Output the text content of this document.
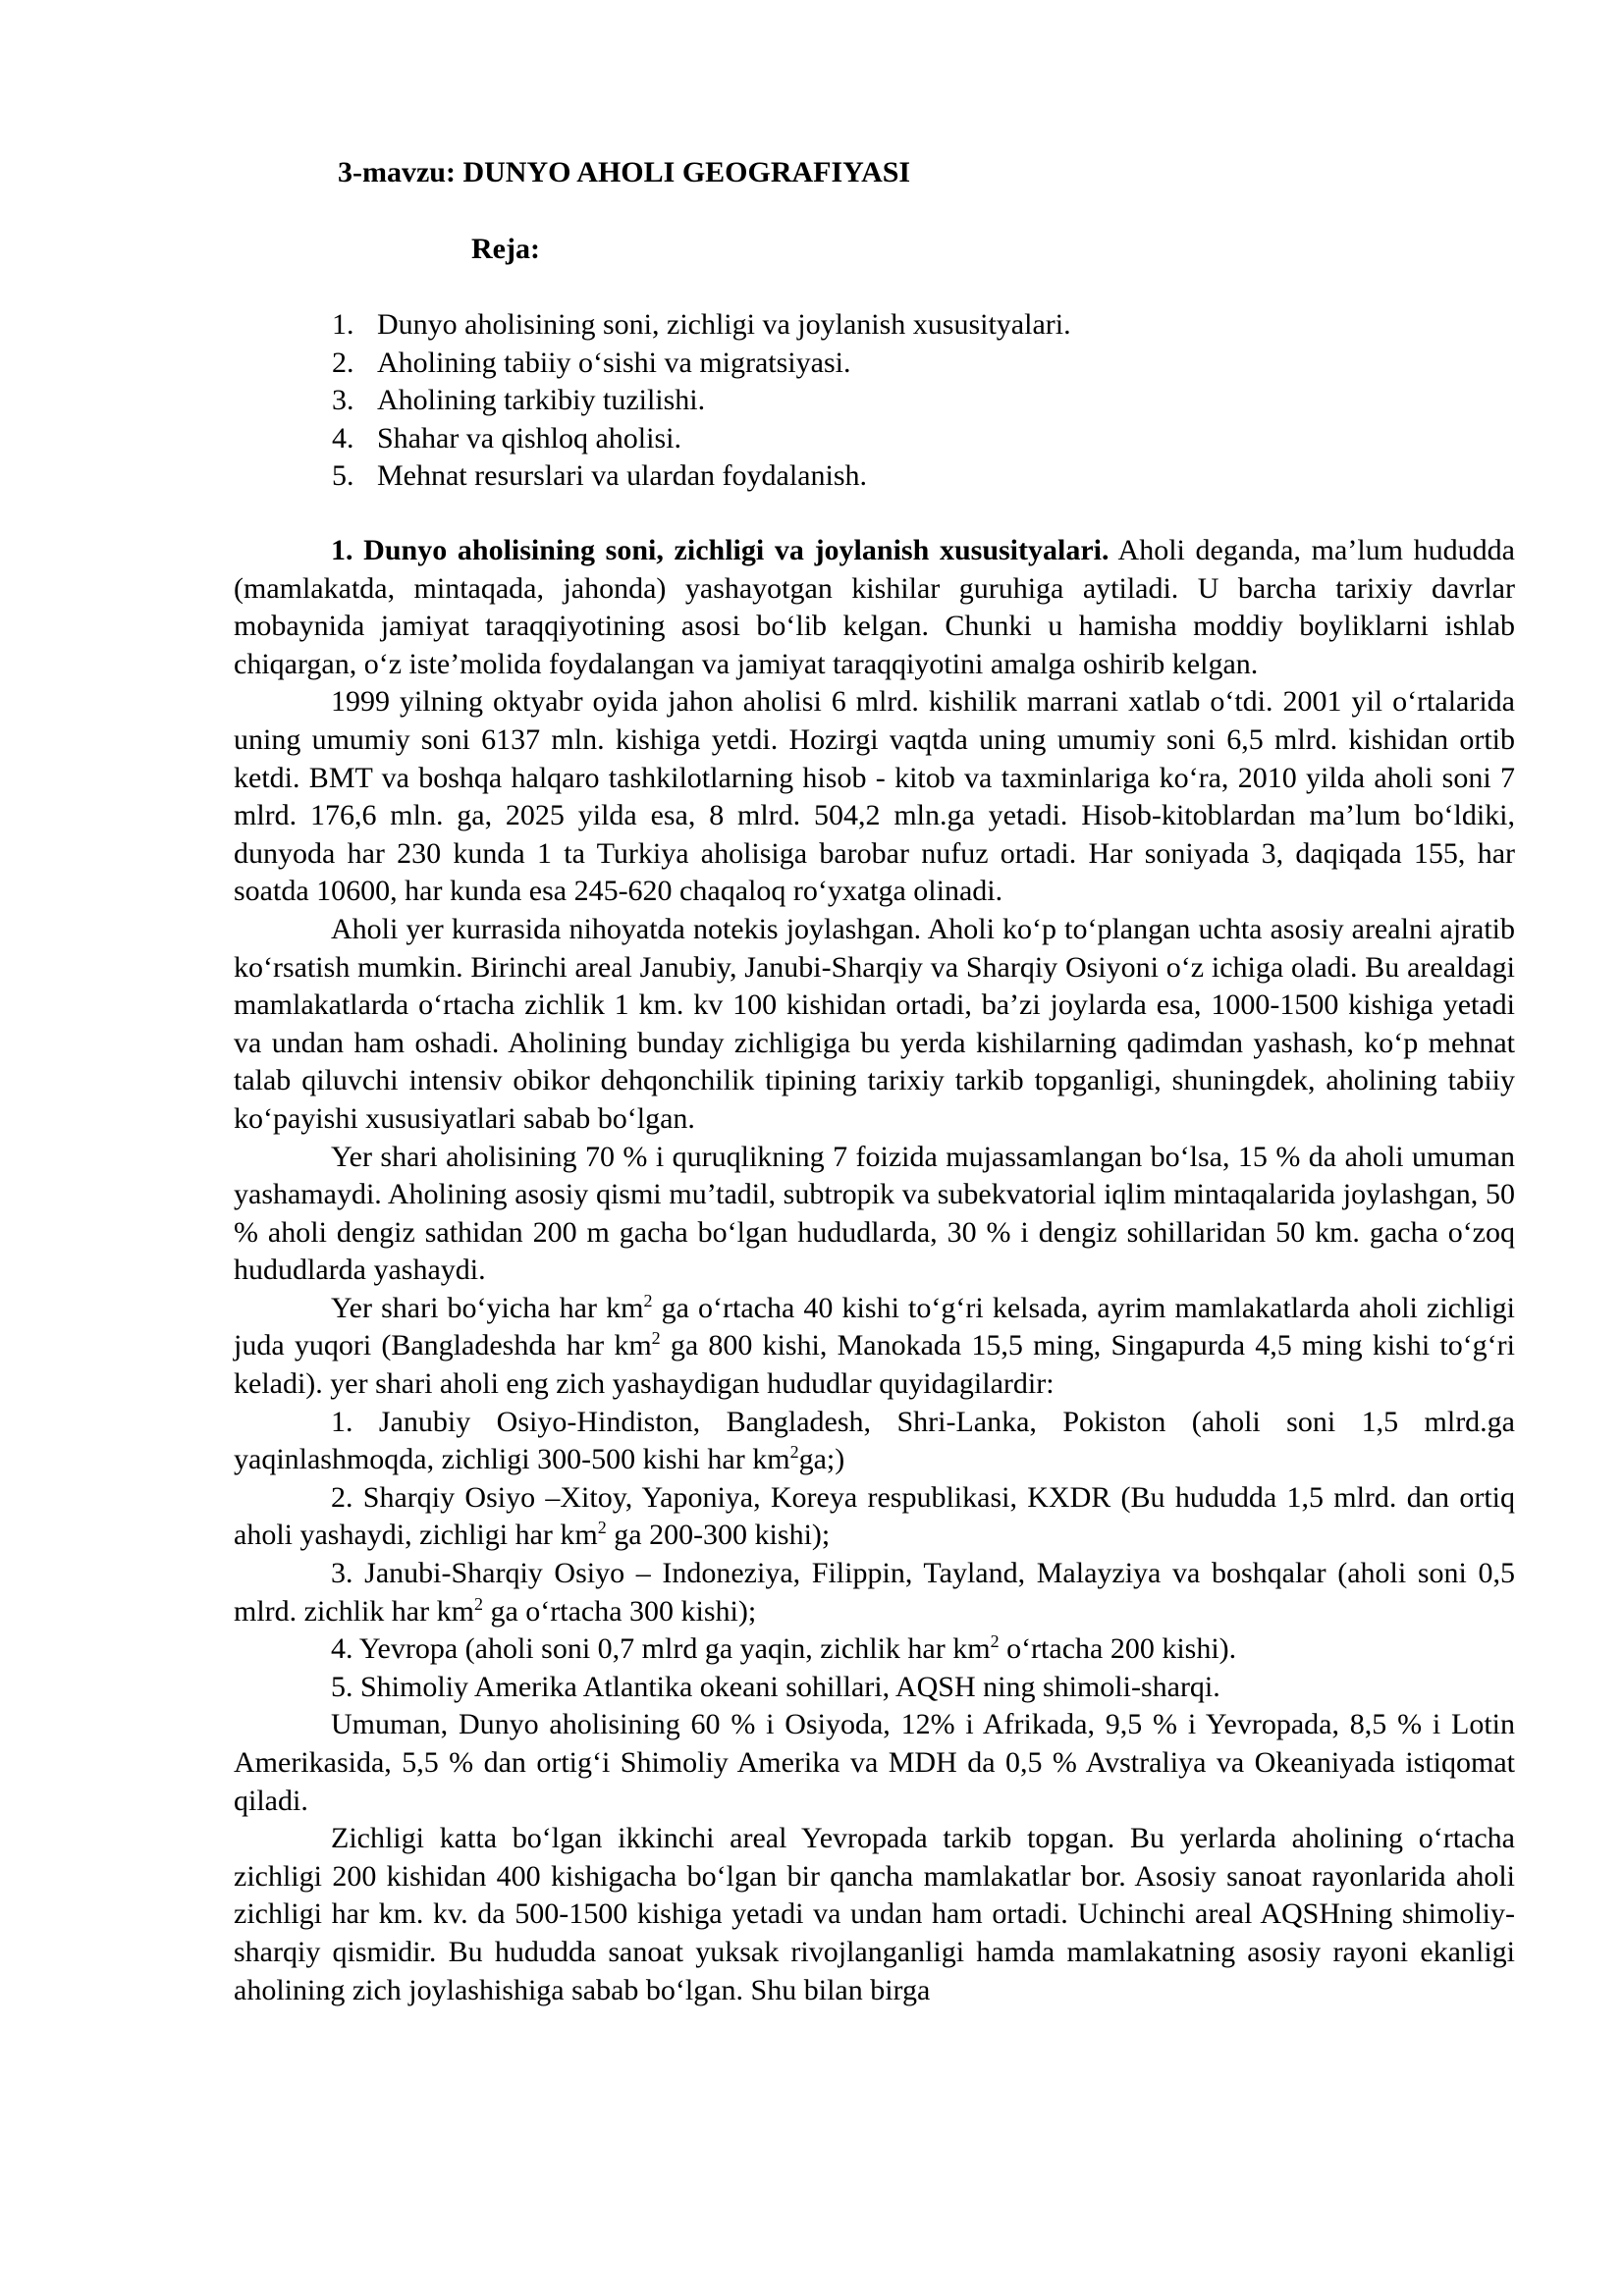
3-mavzu: DUNYO AHOLI GEOGRAFIYASI
Reja:
1. Dunyo aholisining soni, zichligi va joylanish xususityalari.
2. Aholining tabiiy o‘sishi va migratsiyasi.
3. Aholining tarkibiy tuzilishi.
4. Shahar va qishloq aholisi.
5. Mehnat resurslari va ulardan foydalanish.

1. Dunyo aholisining soni, zichligi va joylanish xususityalari. Aholi deganda, ma’lum hududda (mamlakatda, mintaqada, jahonda) yashayotgan kishilar guruhiga aytiladi. U barcha tarixiy davrlar mobaynida jamiyat taraqqiyotining asosi bo‘lib kelgan. Chunki u hamisha moddiy boyliklarni ishlab chiqargan, o‘z iste’molida foydalangan va jamiyat taraqqiyotini amalga oshirib kelgan.

1999 yilning oktyabr oyida jahon aholisi 6 mlrd. kishilik marrani xatlab o‘tdi. 2001 yil o‘rtalarida uning umumiy soni 6137 mln. kishiga yetdi. Hozirgi vaqtda uning umumiy soni 6,5 mlrd. kishidan ortib ketdi. BMT va boshqa halqaro tashkilotlarning hisob - kitob va taxminlariga ko‘ra, 2010 yilda aholi soni 7 mlrd. 176,6 mln. ga, 2025 yilda esa, 8 mlrd. 504,2 mln.ga yetadi. Hisob-kitoblardan ma’lum bo‘ldiki, dunyoda har 230 kunda 1 ta Turkiya aholisiga barobar nufuz ortadi. Har soniyada 3, daqiqada 155, har soatda 10600, har kunda esa 245-620 chaqaloq ro‘yxatga olinadi.

Aholi yer kurrasida nihoyatda notekis joylashgan. Aholi ko‘p to‘plangan uchta asosiy arealni ajratib ko‘rsatish mumkin. Birinchi areal Janubiy, Janubi-Sharqiy va Sharqiy Osiyoni o‘z ichiga oladi. Bu arealdagi mamlakatlarda o‘rtacha zichlik 1 km. kv 100 kishidan ortadi, ba’zi joylarda esa, 1000-1500 kishiga yetadi va undan ham oshadi. Aholining bunday zichligiga bu yerda kishilarning qadimdan yashash, ko‘p mehnat talab qiluvchi intensiv obikor dehqonchilik tipining tarixiy tarkib topganligi, shuningdek, aholining tabiiy ko‘payishi xususiyatlari sabab bo‘lgan.

Yer shari aholisining 70 % i quruqlikning 7 foizida mujassamlangan bo‘lsa, 15 % da aholi umuman yashamaydi. Aholining asosiy qismi mu’tadil, subtropik va subekvatorial iqlim mintaqalarida joylashgan, 50 % aholi dengiz sathidan 200 m gacha bo‘lgan hududlarda, 30 % i dengiz sohillaridan 50 km. gacha o‘zoq hududlarda yashaydi.

Yer shari bo‘yicha har $km^2$ ga o‘rtacha 40 kishi to‘g‘ri kelsada, ayrim mamlakatlarda aholi zichligi juda yuqori (Bangladeshda har $km^2$ ga 800 kishi, Manokada 15,5 ming, Singapurda 4,5 ming kishi to‘g‘ri keladi). yer shari aholi eng zich yashaydigan hududlar quyidagilardir:

1. Janubiy Osiyo-Hindiston, Bangladesh, Shri-Lanka, Pokiston (aholi soni 1,5 mlrd.ga yaqinlashmoqda, zichligi 300-500 kishi har $km^2ga$;)

2. Sharqiy Osiyo –Xitoy, Yaponiya, Koreya respublikasi, KXDR (Bu hududda 1,5 mlrd. dan ortiq aholi yashaydi, zichligi har $km^2$ ga 200-300 kishi);

3. Janubi-Sharqiy Osiyo – Indoneziya, Filippin, Tayland, Malayziya va boshqalar (aholi soni 0,5 mlrd. zichlik har $km^2$ ga o‘rtacha 300 kishi);

4. Yevropa (aholi soni 0,7 mlrd ga yaqin, zichlik har $km^2$ o‘rtacha 200 kishi).

5. Shimoliy Amerika Atlantika okeani sohillari, AQSH ning shimoli-sharqi.

Umuman, Dunyo aholisining 60 % i Osiyoda, 12% i Afrikada, 9,5 % i Yevropada, 8,5 % i Lotin Amerikasida, 5,5 % dan ortig‘i Shimoliy Amerika va MDH da 0,5 % Avstraliya va Okeaniyada istiqomat qiladi.

Zichligi katta bo‘lgan ikkinchi areal Yevropada tarkib topgan. Bu yerlarda aholining o‘rtacha zichligi 200 kishidan 400 kishigacha bo‘lgan bir qancha mamlakatlar bor. Asosiy sanoat rayonlarida aholi zichligi har km. kv. da 500-1500 kishiga yetadi va undan ham ortadi. Uchinchi areal AQSHning shimoliy-sharqiy qismidir. Bu hududda sanoat yuksak rivojlanganligi hamda mamlakatning asosiy rayoni ekanligi aholining zich joylashishiga sabab bo‘lgan. Shu bilan birga
